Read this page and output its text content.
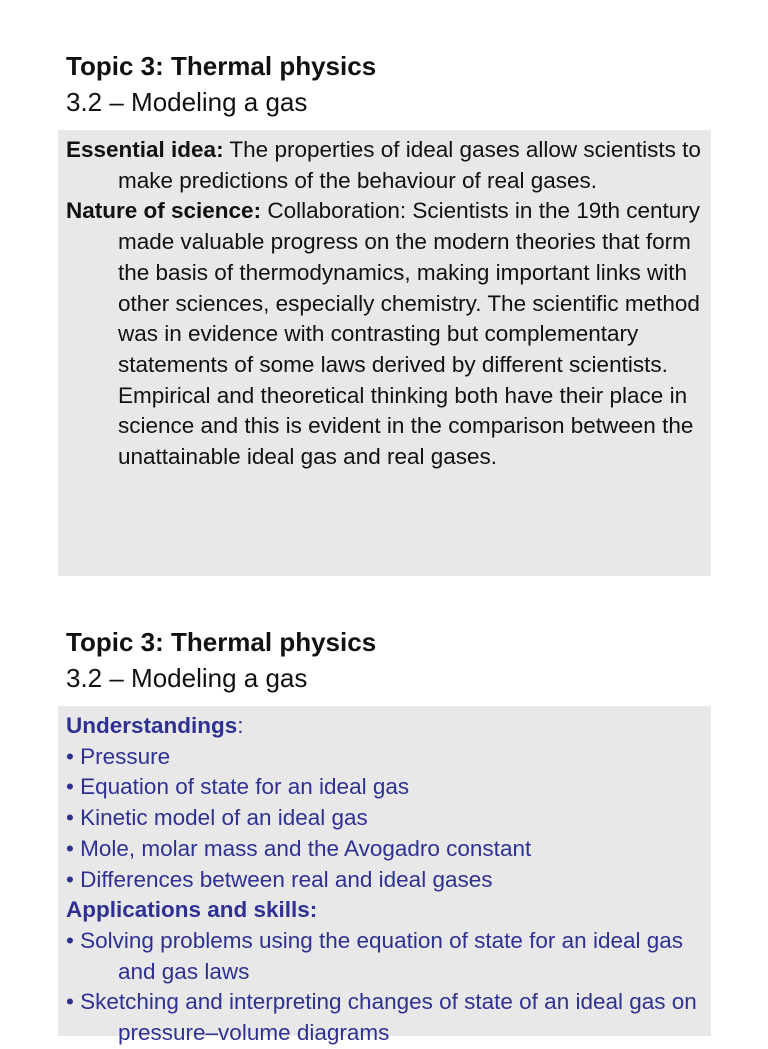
Topic 3: Thermal physics
3.2 – Modeling a gas

Essential idea: The properties of ideal gases allow scientists to make predictions of the behaviour of real gases.

Nature of science: Collaboration: Scientists in the 19th century made valuable progress on the modern theories that form the basis of thermodynamics, making important links with other sciences, especially chemistry. The scientific method was in evidence with contrasting but complementary statements of some laws derived by different scientists. Empirical and theoretical thinking both have their place in science and this is evident in the comparison between the unattainable ideal gas and real gases.

Topic 3: Thermal physics
3.2 – Modeling a gas

Understandings:

• Pressure

• Equation of state for an ideal gas

• Kinetic model of an ideal gas

• Mole, molar mass and the Avogadro constant

• Differences between real and ideal gases

Applications and skills:

• Solving problems using the equation of state for an ideal gas and gas laws

• Sketching and interpreting changes of state of an ideal gas on pressure–volume diagrams
